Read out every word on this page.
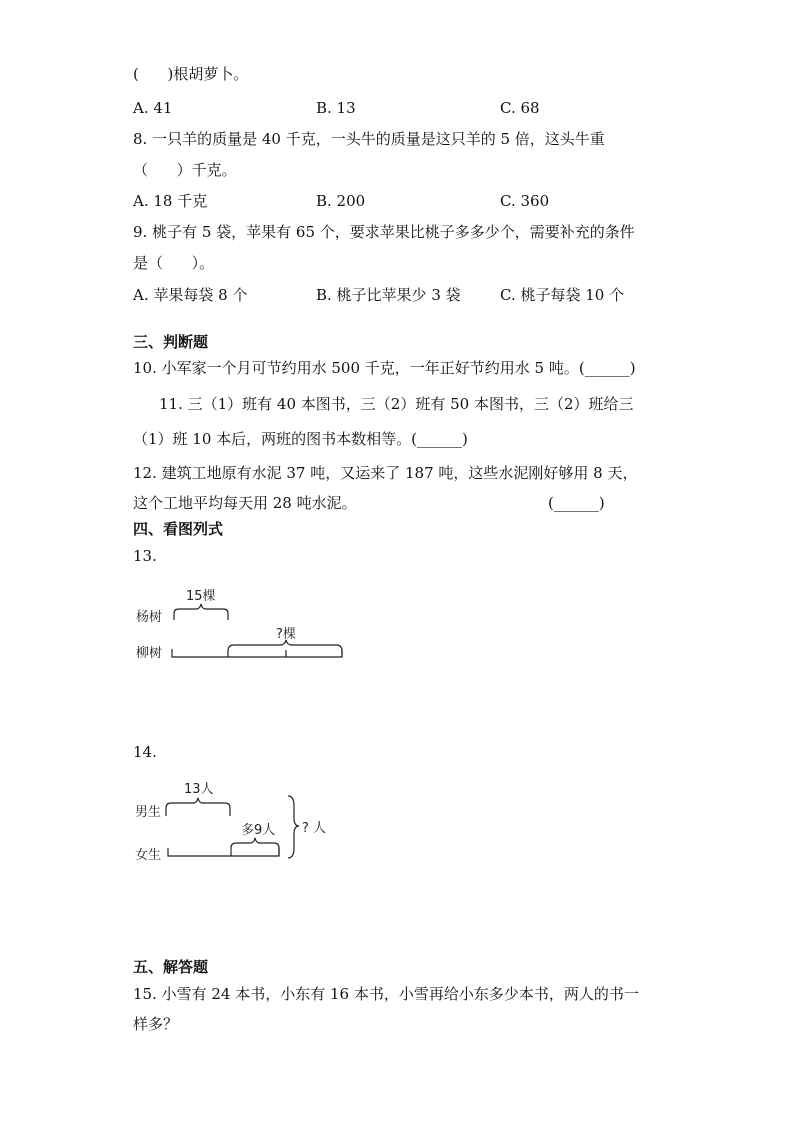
(      )根胡萝卜。
A. 41	B. 13	C. 68
8. 一只羊的质量是 40 千克，一头牛的质量是这只羊的 5 倍，这头牛重
（      ）千克。
A. 18 千克	B. 200	C. 360
9. 桃子有 5 袋，苹果有 65 个，要求苹果比桃子多多少个，需要补充的条件
是（      ）。
A. 苹果每袋 8 个	B. 桃子比苹果少 3 袋	C. 桃子每袋 10 个
三、判断题
10. 小军家一个月可节约用水 500 千克，一年正好节约用水 5 吨。(______)
11. 三（1）班有 40 本图书，三（2）班有 50 本图书，三（2）班给三
（1）班 10 本后，两班的图书本数相等。(______)
12. 建筑工地原有水泥 37 吨，又运来了 187 吨，这些水泥刚好够用 8 天，
这个工地平均每天用 28 吨水泥。	(______)
四、看图列式
13.
15棵
杨树
柳树
?棵
14.
13人
男生
女生
多9人 ? 人
五、解答题
15. 小雪有 24 本书，小东有 16 本书，小雪再给小东多少本书，两人的书一
样多？
